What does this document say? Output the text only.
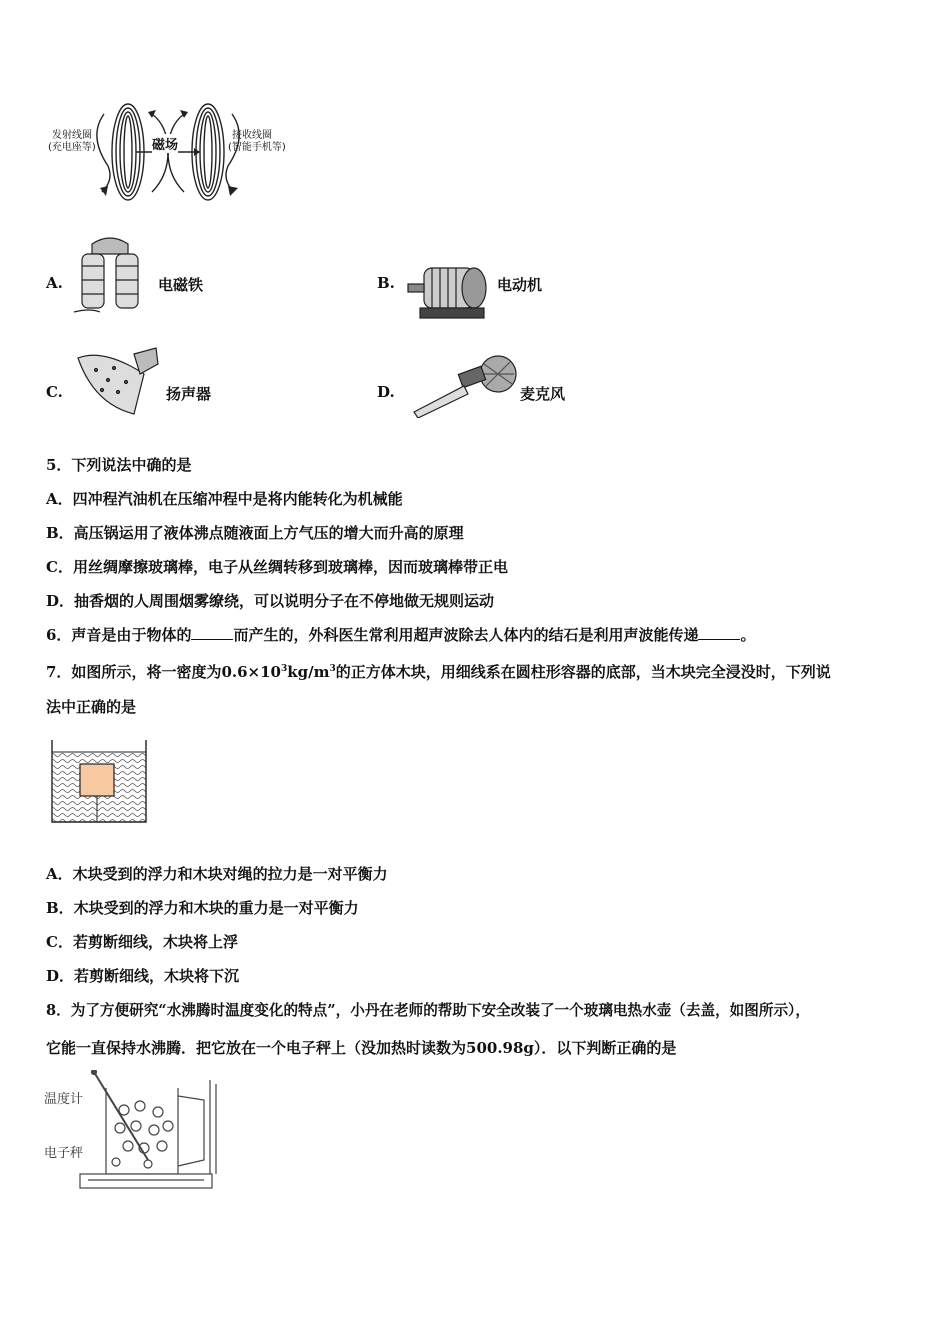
发射线圈
(充电座等)	磁场
接收线圈
(智能手机等)
A.	电磁铁	B.	电动机
C.	扬声器	D.	麦克风
5．下列说法中确的是
A．四冲程汽油机在压缩冲程中是将内能转化为机械能
B．高压锅运用了液体沸点随液面上方气压的增大而升高的原理
C．用丝绸摩擦玻璃棒，电子从丝绸转移到玻璃棒，因而玻璃棒带正电
D．抽香烟的人周围烟雾缭绕，可以说明分子在不停地做无规则运动
6．声音是由于物体的	而产生的，外科医生常利用超声波除去人体内的结石是利用声波能传递	。
7．如图所示，将一密度为$0.6\times 10^3kg/m^3$的正方体木块，用细线系在圆柱形容器的底部，当木块完全浸没时，下列说
法中正确的是
A．木块受到的浮力和木块对绳的拉力是一对平衡力
B．木块受到的浮力和木块的重力是一对平衡力
C．若剪断细线，木块将上浮
D．若剪断细线，木块将下沉
8．为了方便研究“水沸腾时温度变化的特点”，小丹在老师的帮助下安全改装了一个玻璃电热水壶（去盖，如图所示），
它能一直保持水沸腾．把它放在一个电子秤上（没加热时读数为500.98g）．以下判断正确的是
温度计
电子秤
